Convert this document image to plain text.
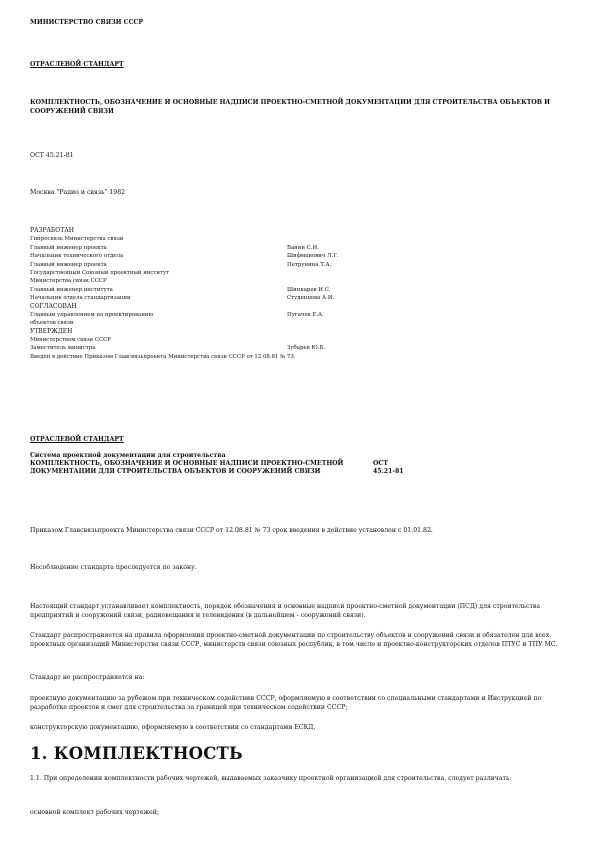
МИНИСТЕРСТВО СВЯЗИ СССР
ОТРАСЛЕВОЙ СТАНДАРТ
КОМПЛЕКТНОСТЬ, ОБОЗНАЧЕНИЕ И ОСНОВНЫЕ НАДПИСИ ПРОЕКТНО-СМЕТНОЙ ДОКУМЕНТАЦИИ ДЛЯ СТРОИТЕЛЬСТВА ОБЪЕКТОВ И СООРУЖЕНИЙ СВЯЗИ
ОСТ 45.21-81
Москва "Радио и связь" 1982
РАЗРАБОТАН
Гипросвязь Министерства связи
Главный инженер проекта	Банин С.И.
Начальник технического отдела	Шифманович Л.Г.
Главный инженер проекта	Петрунина Т.А.
Государственный Союзный проектный институт
Министерства связи СССР
Главный инженер института	Шинкарев И.С.
Начальник отдела стандартизации	Студенцова А.И.
СОГЛАСОВАН
Главным управлением по проектированию	Пугачев Е.А.
объектов связи
УТВЕРЖДЕН
Министерством связи СССР
Заместитель министра	Зубарев Ю.Б.
Введен в действие Приказом Главсвязьпроекта Министерства связи СССР от 12.08.81 № 73.
ОТРАСЛЕВОЙ СТАНДАРТ
Система проектной документации для строительства
КОМПЛЕКТНОСТЬ, ОБОЗНАЧЕНИЕ И ОСНОВНЫЕ НАДПИСИ ПРОЕКТНО-СМЕТНОЙ ДОКУМЕНТАЦИИ ДЛЯ СТРОИТЕЛЬСТВА ОБЪЕКТОВ И СООРУЖЕНИЙ СВЯЗИ
ОСТ
45.21-81
Приказом Главсвязьпроекта Министерства связи СССР от 12.08.81 № 73 срок введения в действие установлен с 01.01.82.
Несоблюдение стандарта преследуется по закону.
Настоящий стандарт устанавливает комплектность, порядок обозначения и основные надписи проектно-сметной документации (ПСД) для строительства предприятий и сооружений связи, радиовещания и телевидения (в дальнейшем - сооружений связи).
Стандарт распространяется на правила оформления проектно-сметной документации по строительству объектов и сооружений связи и обязателен для всех проектных организаций Министерства связи СССР, министерств связи союзных республик, в том числе и проектно-конструкторских отделов ПТУС и ТПУ МС.
Стандарт не распространяется на:
проектную документацию за рубежом при техническом содействии СССР, оформляемую в соответствии со специальными стандартами и Инструкцией по разработке проектов и смет для строительства за границей при техническом содействии СССР;
конструкторскую документацию, оформляемую в соответствии со стандартами ЕСКД.
1. КОМПЛЕКТНОСТЬ
1.1. При определении комплектности рабочих чертежей, выдаваемых заказчику проектной организацией для строительства, следует различать:
основной комплект рабочих чертежей;
